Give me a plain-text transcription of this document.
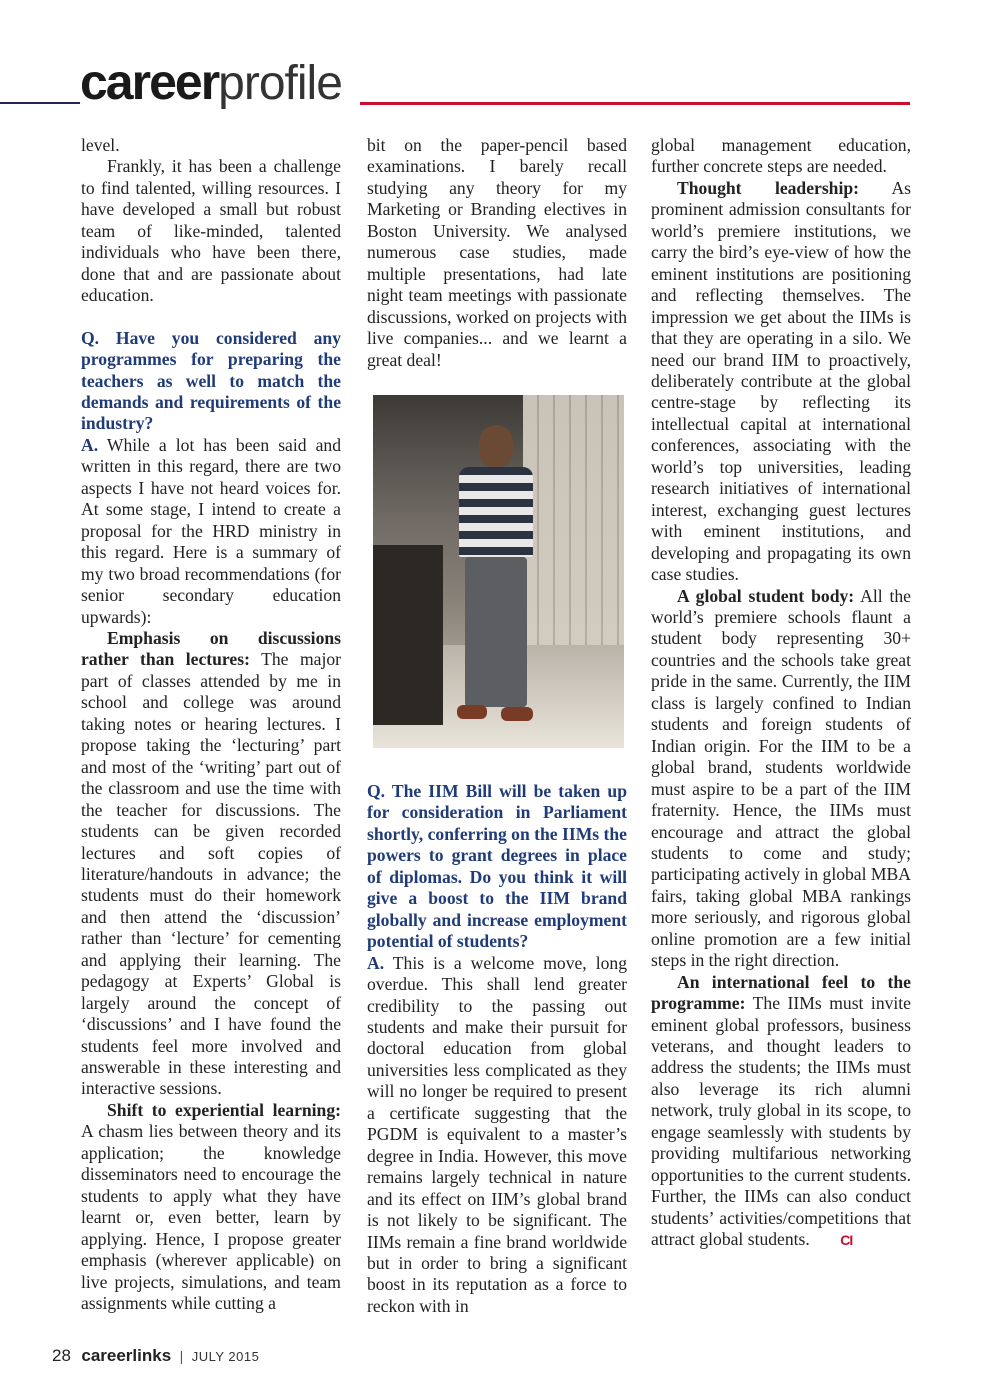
careerprofile

level.

Frankly, it has been a challenge to find talented, willing resources. I have developed a small but robust team of like-minded, talented individuals who have been there, done that and are passionate about education.

Q. Have you considered any programmes for preparing the teachers as well to match the demands and requirements of the industry?

A. While a lot has been said and written in this regard, there are two aspects I have not heard voices for. At some stage, I intend to create a proposal for the HRD ministry in this regard. Here is a summary of my two broad recommendations (for senior secondary education upwards):

Emphasis on discussions rather than lectures: The major part of classes attended by me in school and college was around taking notes or hearing lectures. I propose taking the ‘lecturing’ part and most of the ‘writing’ part out of the classroom and use the time with the teacher for discussions. The students can be given recorded lectures and soft copies of literature/handouts in advance; the students must do their homework and then attend the ‘discussion’ rather than ‘lecture’ for cementing and applying their learning. The pedagogy at Experts’ Global is largely around the concept of ‘discussions’ and I have found the students feel more involved and answerable in these interesting and interactive sessions.

Shift to experiential learning: A chasm lies between theory and its application; the knowledge disseminators need to encourage the students to apply what they have learnt or, even better, learn by applying. Hence, I propose greater emphasis (wherever applicable) on live projects, simulations, and team assignments while cutting a

bit on the paper-pencil based examinations. I barely recall studying any theory for my Marketing or Branding electives in Boston University. We analysed numerous case studies, made multiple presentations, had late night team meetings with passionate discussions, worked on projects with live companies... and we learnt a great deal!

Q. The IIM Bill will be taken up for consideration in Parliament shortly, conferring on the IIMs the powers to grant degrees in place of diplomas. Do you think it will give a boost to the IIM brand globally and increase employment potential of students?

A. This is a welcome move, long overdue. This shall lend greater credibility to the passing out students and make their pursuit for doctoral education from global universities less complicated as they will no longer be required to present a certificate suggesting that the PGDM is equivalent to a master’s degree in India. However, this move remains largely technical in nature and its effect on IIM’s global brand is not likely to be significant. The IIMs remain a fine brand worldwide but in order to bring a significant boost in its reputation as a force to reckon with in

global management education, further concrete steps are needed.

Thought leadership: As prominent admission consultants for world’s premiere institutions, we carry the bird’s eye-view of how the eminent institutions are positioning and reflecting themselves. The impression we get about the IIMs is that they are operating in a silo. We need our brand IIM to proactively, deliberately contribute at the global centre-stage by reflecting its intellectual capital at international conferences, associating with the world’s top universities, leading research initiatives of international interest, exchanging guest lectures with eminent institutions, and developing and propagating its own case studies.

A global student body: All the world’s premiere schools flaunt a student body representing 30+ countries and the schools take great pride in the same. Currently, the IIM class is largely confined to Indian students and foreign students of Indian origin. For the IIM to be a global brand, students worldwide must aspire to be a part of the IIM fraternity. Hence, the IIMs must encourage and attract the global students to come and study; participating actively in global MBA fairs, taking global MBA rankings more seriously, and rigorous global online promotion are a few initial steps in the right direction.

An international feel to the programme: The IIMs must invite eminent global professors, business veterans, and thought leaders to address the students; the IIMs must also leverage its rich alumni network, truly global in its scope, to engage seamlessly with students by providing multifarious networking opportunities to the current students. Further, the IIMs can also conduct students’ activities/competitions that attract global students. CI

28 careerlinks | JULY 2015
